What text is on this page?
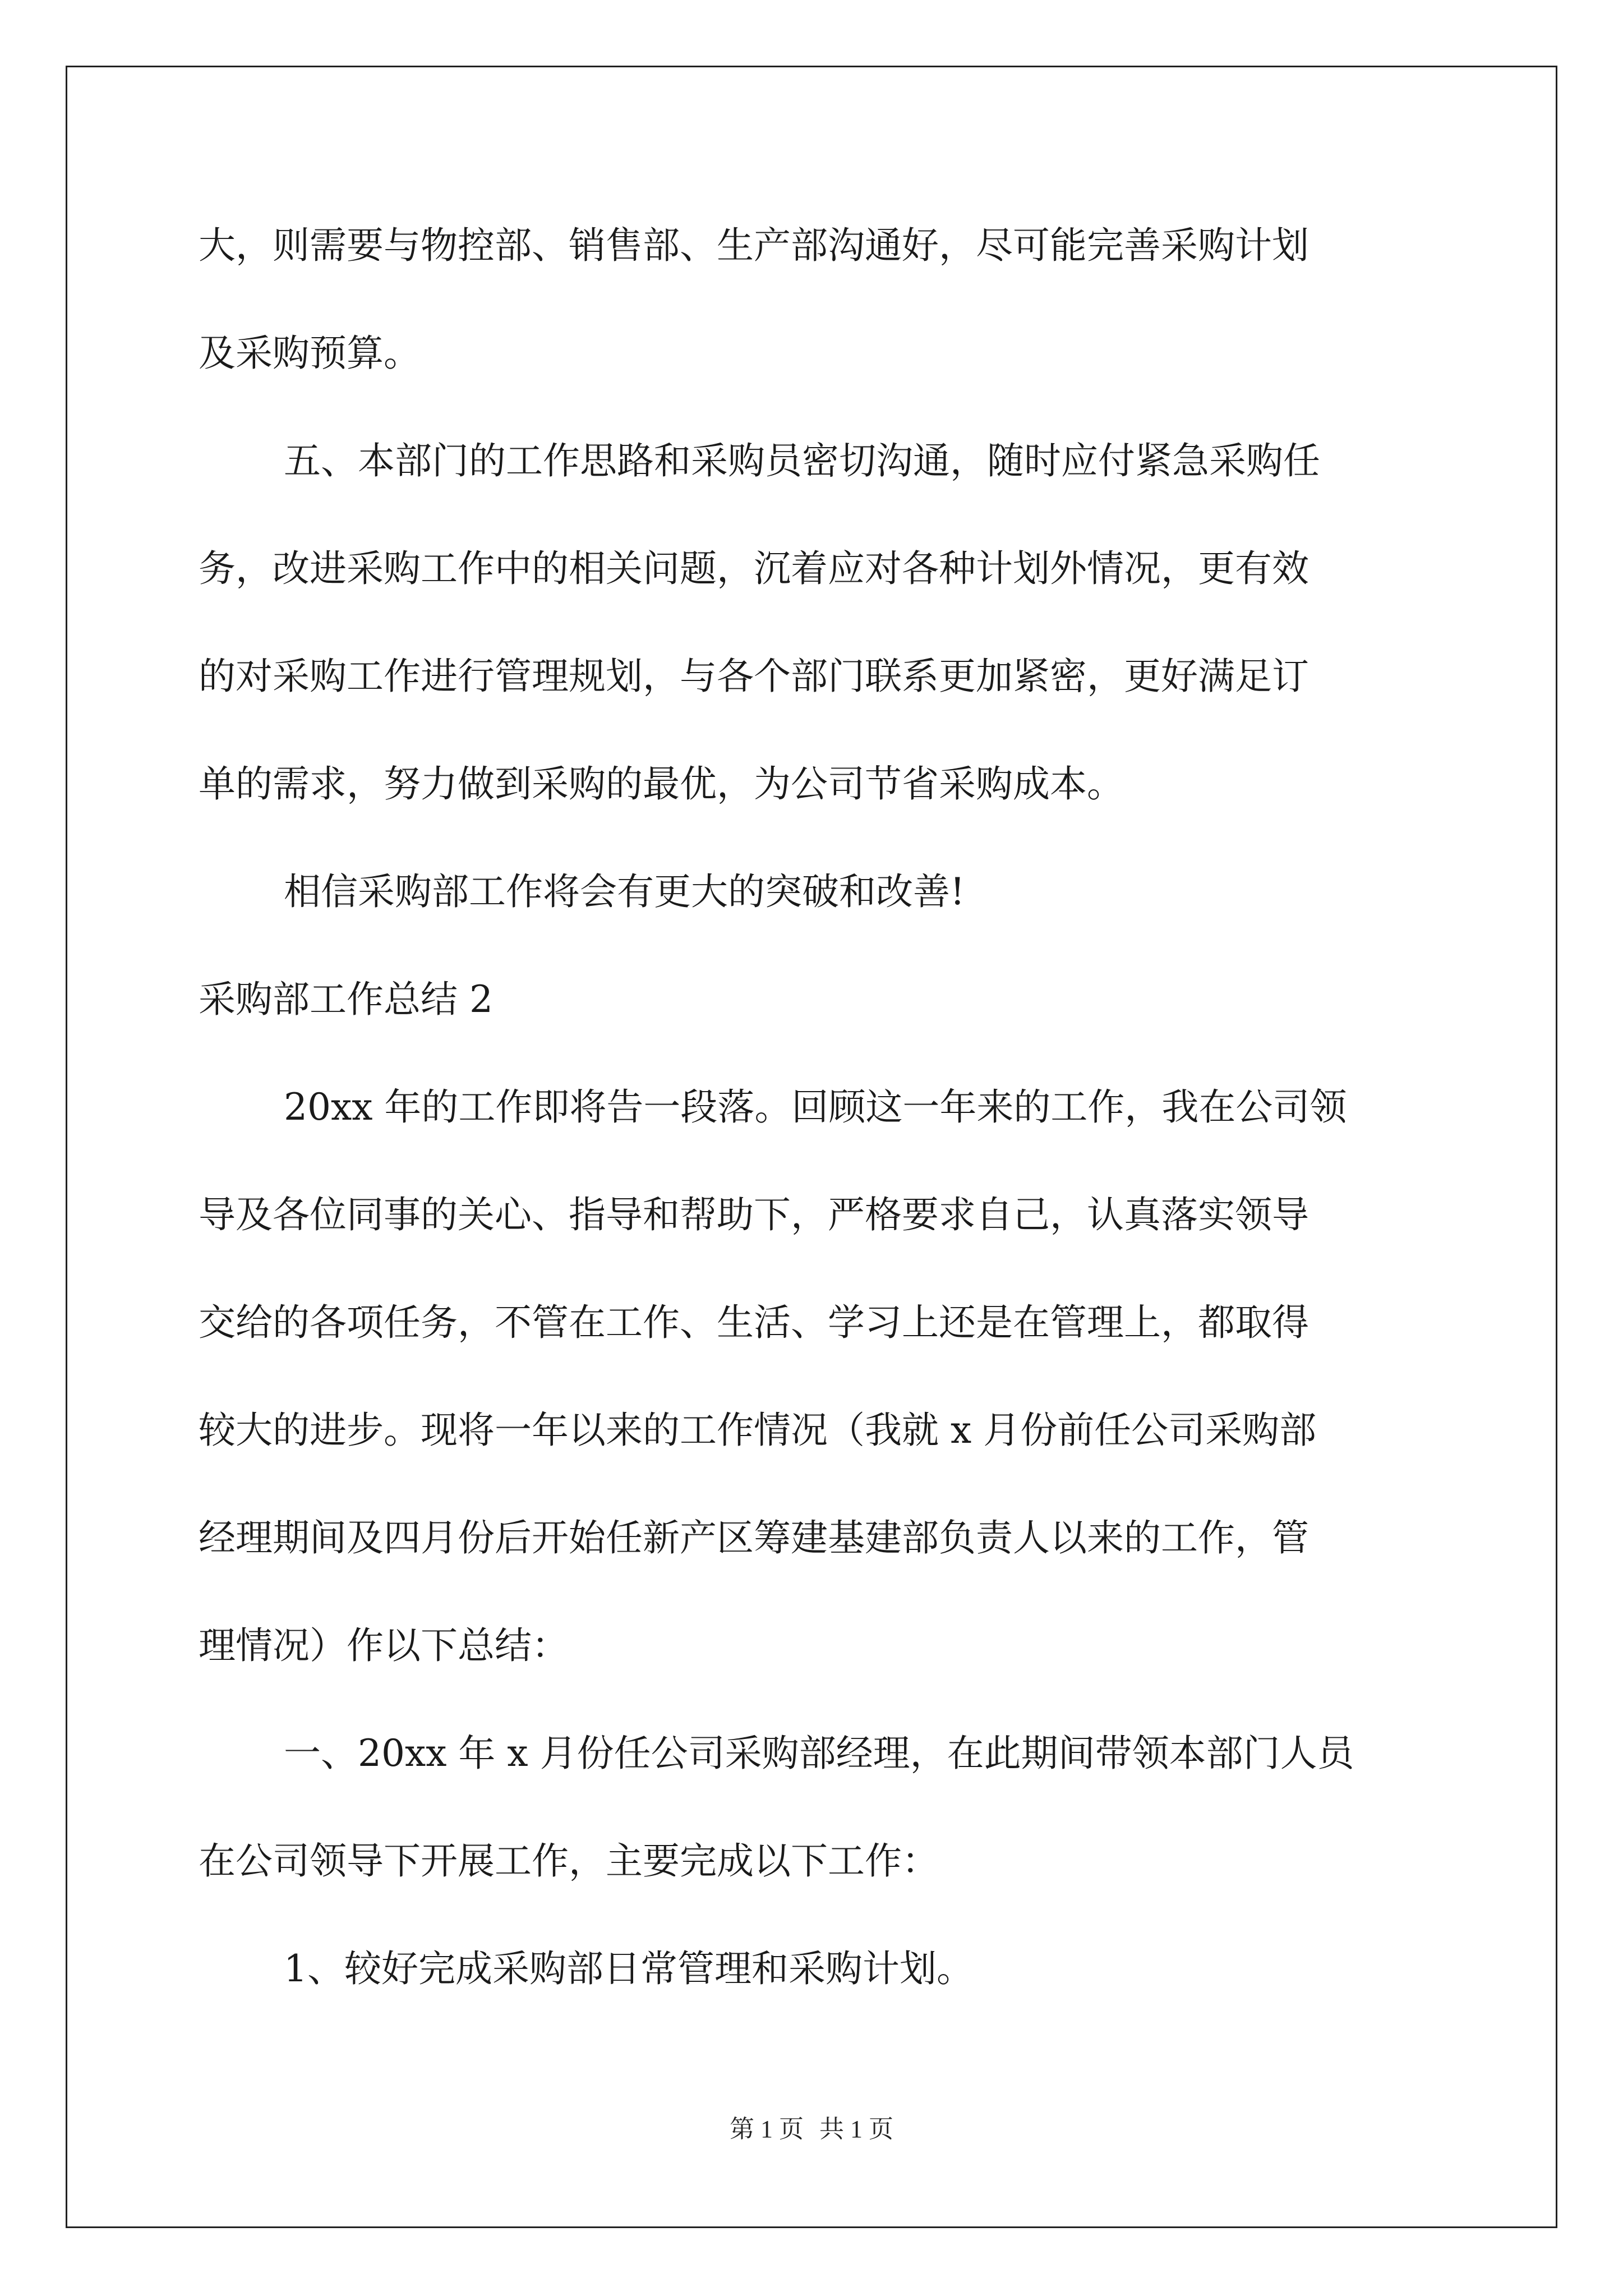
大，则需要与物控部、销售部、生产部沟通好，尽可能完善采购计划

及采购预算。

五、本部门的工作思路和采购员密切沟通，随时应付紧急采购任

务，改进采购工作中的相关问题，沉着应对各种计划外情况，更有效

的对采购工作进行管理规划，与各个部门联系更加紧密，更好满足订

单的需求，努力做到采购的最优，为公司节省采购成本。

相信采购部工作将会有更大的突破和改善!

采购部工作总结 2

20xx 年的工作即将告一段落。回顾这一年来的工作，我在公司领

导及各位同事的关心、指导和帮助下，严格要求自己，认真落实领导

交给的各项任务，不管在工作、生活、学习上还是在管理上，都取得

较大的进步。现将一年以来的工作情况（我就 x 月份前任公司采购部

经理期间及四月份后开始任新产区筹建基建部负责人以来的工作，管

理情况）作以下总结：

一、20xx 年 x 月份任公司采购部经理，在此期间带领本部门人员

在公司领导下开展工作，主要完成以下工作：

1、较好完成采购部日常管理和采购计划。

第 1 页 共 1 页
